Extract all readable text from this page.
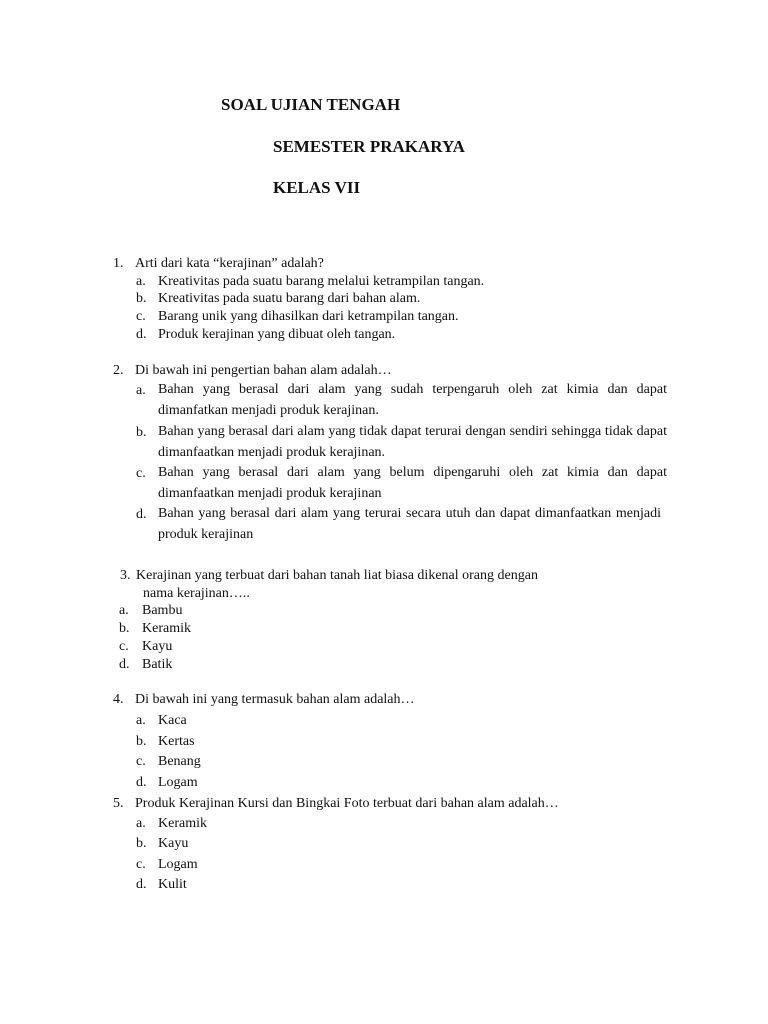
SOAL UJIAN TENGAH
SEMESTER PRAKARYA
KELAS VII
1. Arti dari kata “kerajinan” adalah?
a. Kreativitas pada suatu barang melalui ketrampilan tangan.
b. Kreativitas pada suatu barang dari bahan alam.
c. Barang unik yang dihasilkan dari ketrampilan tangan.
d. Produk kerajinan yang dibuat oleh tangan.
2. Di bawah ini pengertian bahan alam adalah…
a. Bahan yang berasal dari alam yang sudah terpengaruh oleh zat kimia dan dapat dimanfatkan menjadi produk kerajinan.
b. Bahan yang berasal dari alam yang tidak dapat terurai dengan sendiri sehingga tidak dapat dimanfaatkan menjadi produk kerajinan.
c. Bahan yang berasal dari alam yang belum dipengaruhi oleh zat kimia dan dapat dimanfaatkan menjadi produk kerajinan
d. Bahan yang berasal dari alam yang terurai secara utuh dan dapat dimanfaatkan menjadi produk kerajinan
3. Kerajinan yang terbuat dari bahan tanah liat biasa dikenal orang dengan
nama kerajinan…..
a. Bambu
b. Keramik
c. Kayu
d. Batik
4. Di bawah ini yang termasuk bahan alam adalah…
a. Kaca
b. Kertas
c. Benang
d. Logam
5. Produk Kerajinan Kursi dan Bingkai Foto terbuat dari bahan alam adalah…
a. Keramik
b. Kayu
c. Logam
d. Kulit
